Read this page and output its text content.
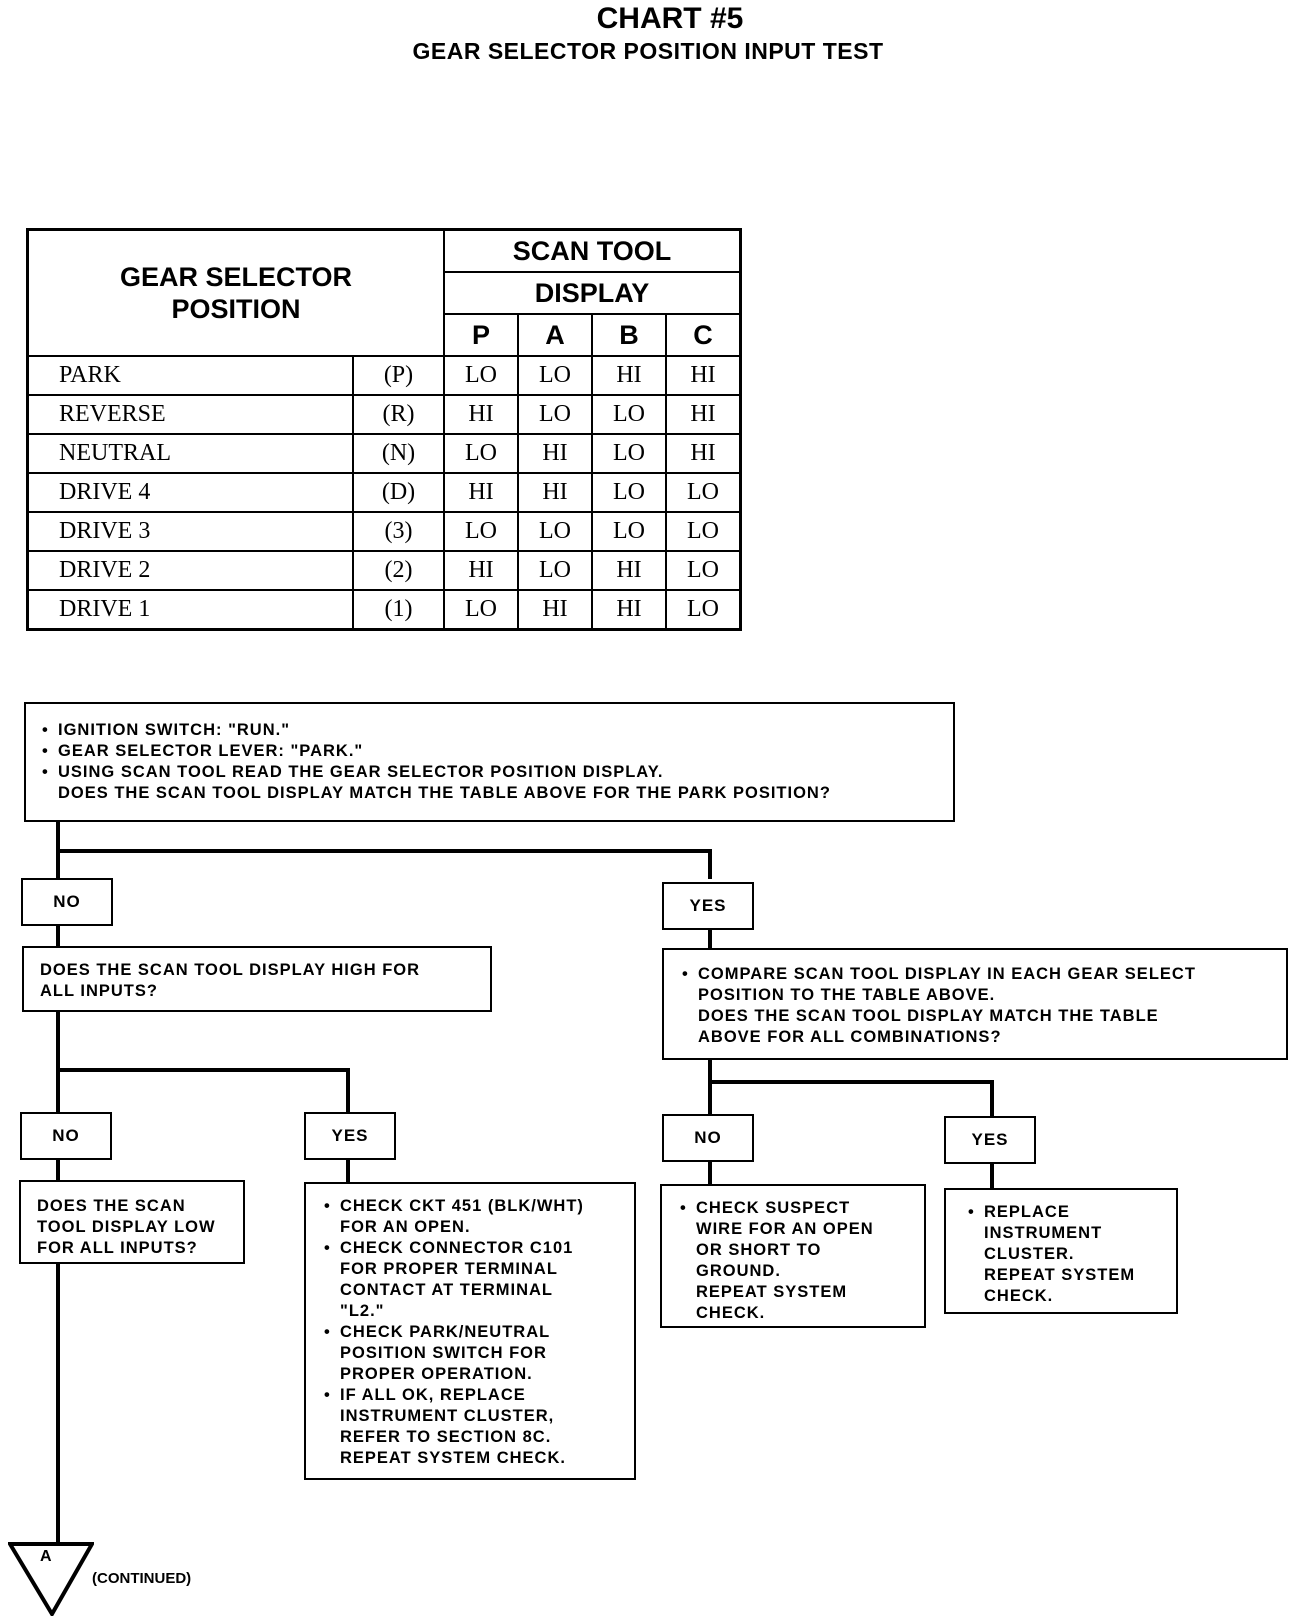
CHART #5
GEAR SELECTOR POSITION INPUT TEST
GEAR SELECTOR POSITION		SCAN TOOL			
		DISPLAY			
		P	A	B	C
PARK	(P)	LO	LO	HI	HI
REVERSE	(R)	HI	LO	LO	HI
NEUTRAL	(N)	LO	HI	LO	HI
DRIVE 4	(D)	HI	HI	LO	LO
DRIVE 3	(3)	LO	LO	LO	LO
DRIVE 2	(2)	HI	LO	HI	LO
DRIVE 1	(1)	LO	HI	HI	LO
• IGNITION SWITCH: "RUN."
• GEAR SELECTOR LEVER: "PARK."
• USING SCAN TOOL READ THE GEAR SELECTOR POSITION DISPLAY.
DOES THE SCAN TOOL DISPLAY MATCH THE TABLE ABOVE FOR THE PARK POSITION?
NO	YES
DOES THE SCAN TOOL DISPLAY HIGH FOR
ALL INPUTS?
• COMPARE SCAN TOOL DISPLAY IN EACH GEAR SELECT POSITION TO THE TABLE ABOVE.
DOES THE SCAN TOOL DISPLAY MATCH THE TABLE
ABOVE FOR ALL COMBINATIONS?
NO	YES	NO	YES
DOES THE SCAN
TOOL DISPLAY LOW
FOR ALL INPUTS?
• CHECK CKT 451 (BLK/WHT)
FOR AN OPEN.
• CHECK CONNECTOR C101
FOR PROPER TERMINAL
CONTACT AT TERMINAL
"L2."
• CHECK PARK/NEUTRAL
POSITION SWITCH FOR
PROPER OPERATION.
• IF ALL OK, REPLACE
INSTRUMENT CLUSTER,
REFER TO SECTION 8C.
REPEAT SYSTEM CHECK.
• CHECK SUSPECT
WIRE FOR AN OPEN
OR SHORT TO
GROUND.
REPEAT SYSTEM
CHECK.
• REPLACE
INSTRUMENT
CLUSTER.
REPEAT SYSTEM
CHECK.
A
(CONTINUED)
